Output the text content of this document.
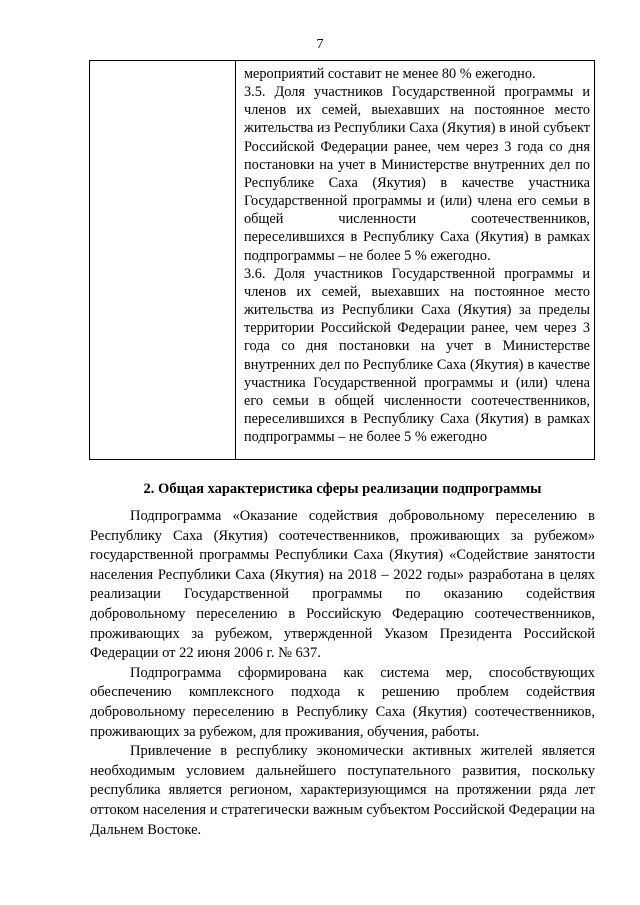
7

мероприятий составит не менее 80 % ежегодно.

3.5. Доля участников Государственной программы и членов их семей, выехавших на постоянное место жительства из Республики Саха (Якутия) в иной субъект Российской Федерации ранее, чем через 3 года со дня постановки на учет в Министерстве внутренних дел по Республике Саха (Якутия) в качестве участника Государственной программы и (или) члена его семьи в общей численности соотечественников, переселившихся в Республику Саха (Якутия) в рамках подпрограммы – не более 5 % ежегодно.

3.6. Доля участников Государственной программы и членов их семей, выехавших на постоянное место жительства из Республики Саха (Якутия) за пределы территории Российской Федерации ранее, чем через 3 года со дня постановки на учет в Министерстве внутренних дел по Республике Саха (Якутия) в качестве участника Государственной программы и (или) члена его семьи в общей численности соотечественников, переселившихся в Республику Саха (Якутия) в рамках подпрограммы – не более 5 % ежегодно

2. Общая характеристика сферы реализации подпрограммы

Подпрограмма «Оказание содействия добровольному переселению в Республику Саха (Якутия) соотечественников, проживающих за рубежом» государственной программы Республики Саха (Якутия) «Содействие занятости населения Республики Саха (Якутия) на 2018 – 2022 годы» разработана в целях реализации Государственной программы по оказанию содействия добровольному переселению в Российскую Федерацию соотечественников, проживающих за рубежом, утвержденной Указом Президента Российской Федерации от 22 июня 2006 г. № 637.

Подпрограмма сформирована как система мер, способствующих обеспечению комплексного подхода к решению проблем содействия добровольному переселению в Республику Саха (Якутия) соотечественников, проживающих за рубежом, для проживания, обучения, работы.

Привлечение в республику экономически активных жителей является необходимым условием дальнейшего поступательного развития, поскольку республика является регионом, характеризующимся на протяжении ряда лет оттоком населения и стратегически важным субъектом Российской Федерации на Дальнем Востоке.
